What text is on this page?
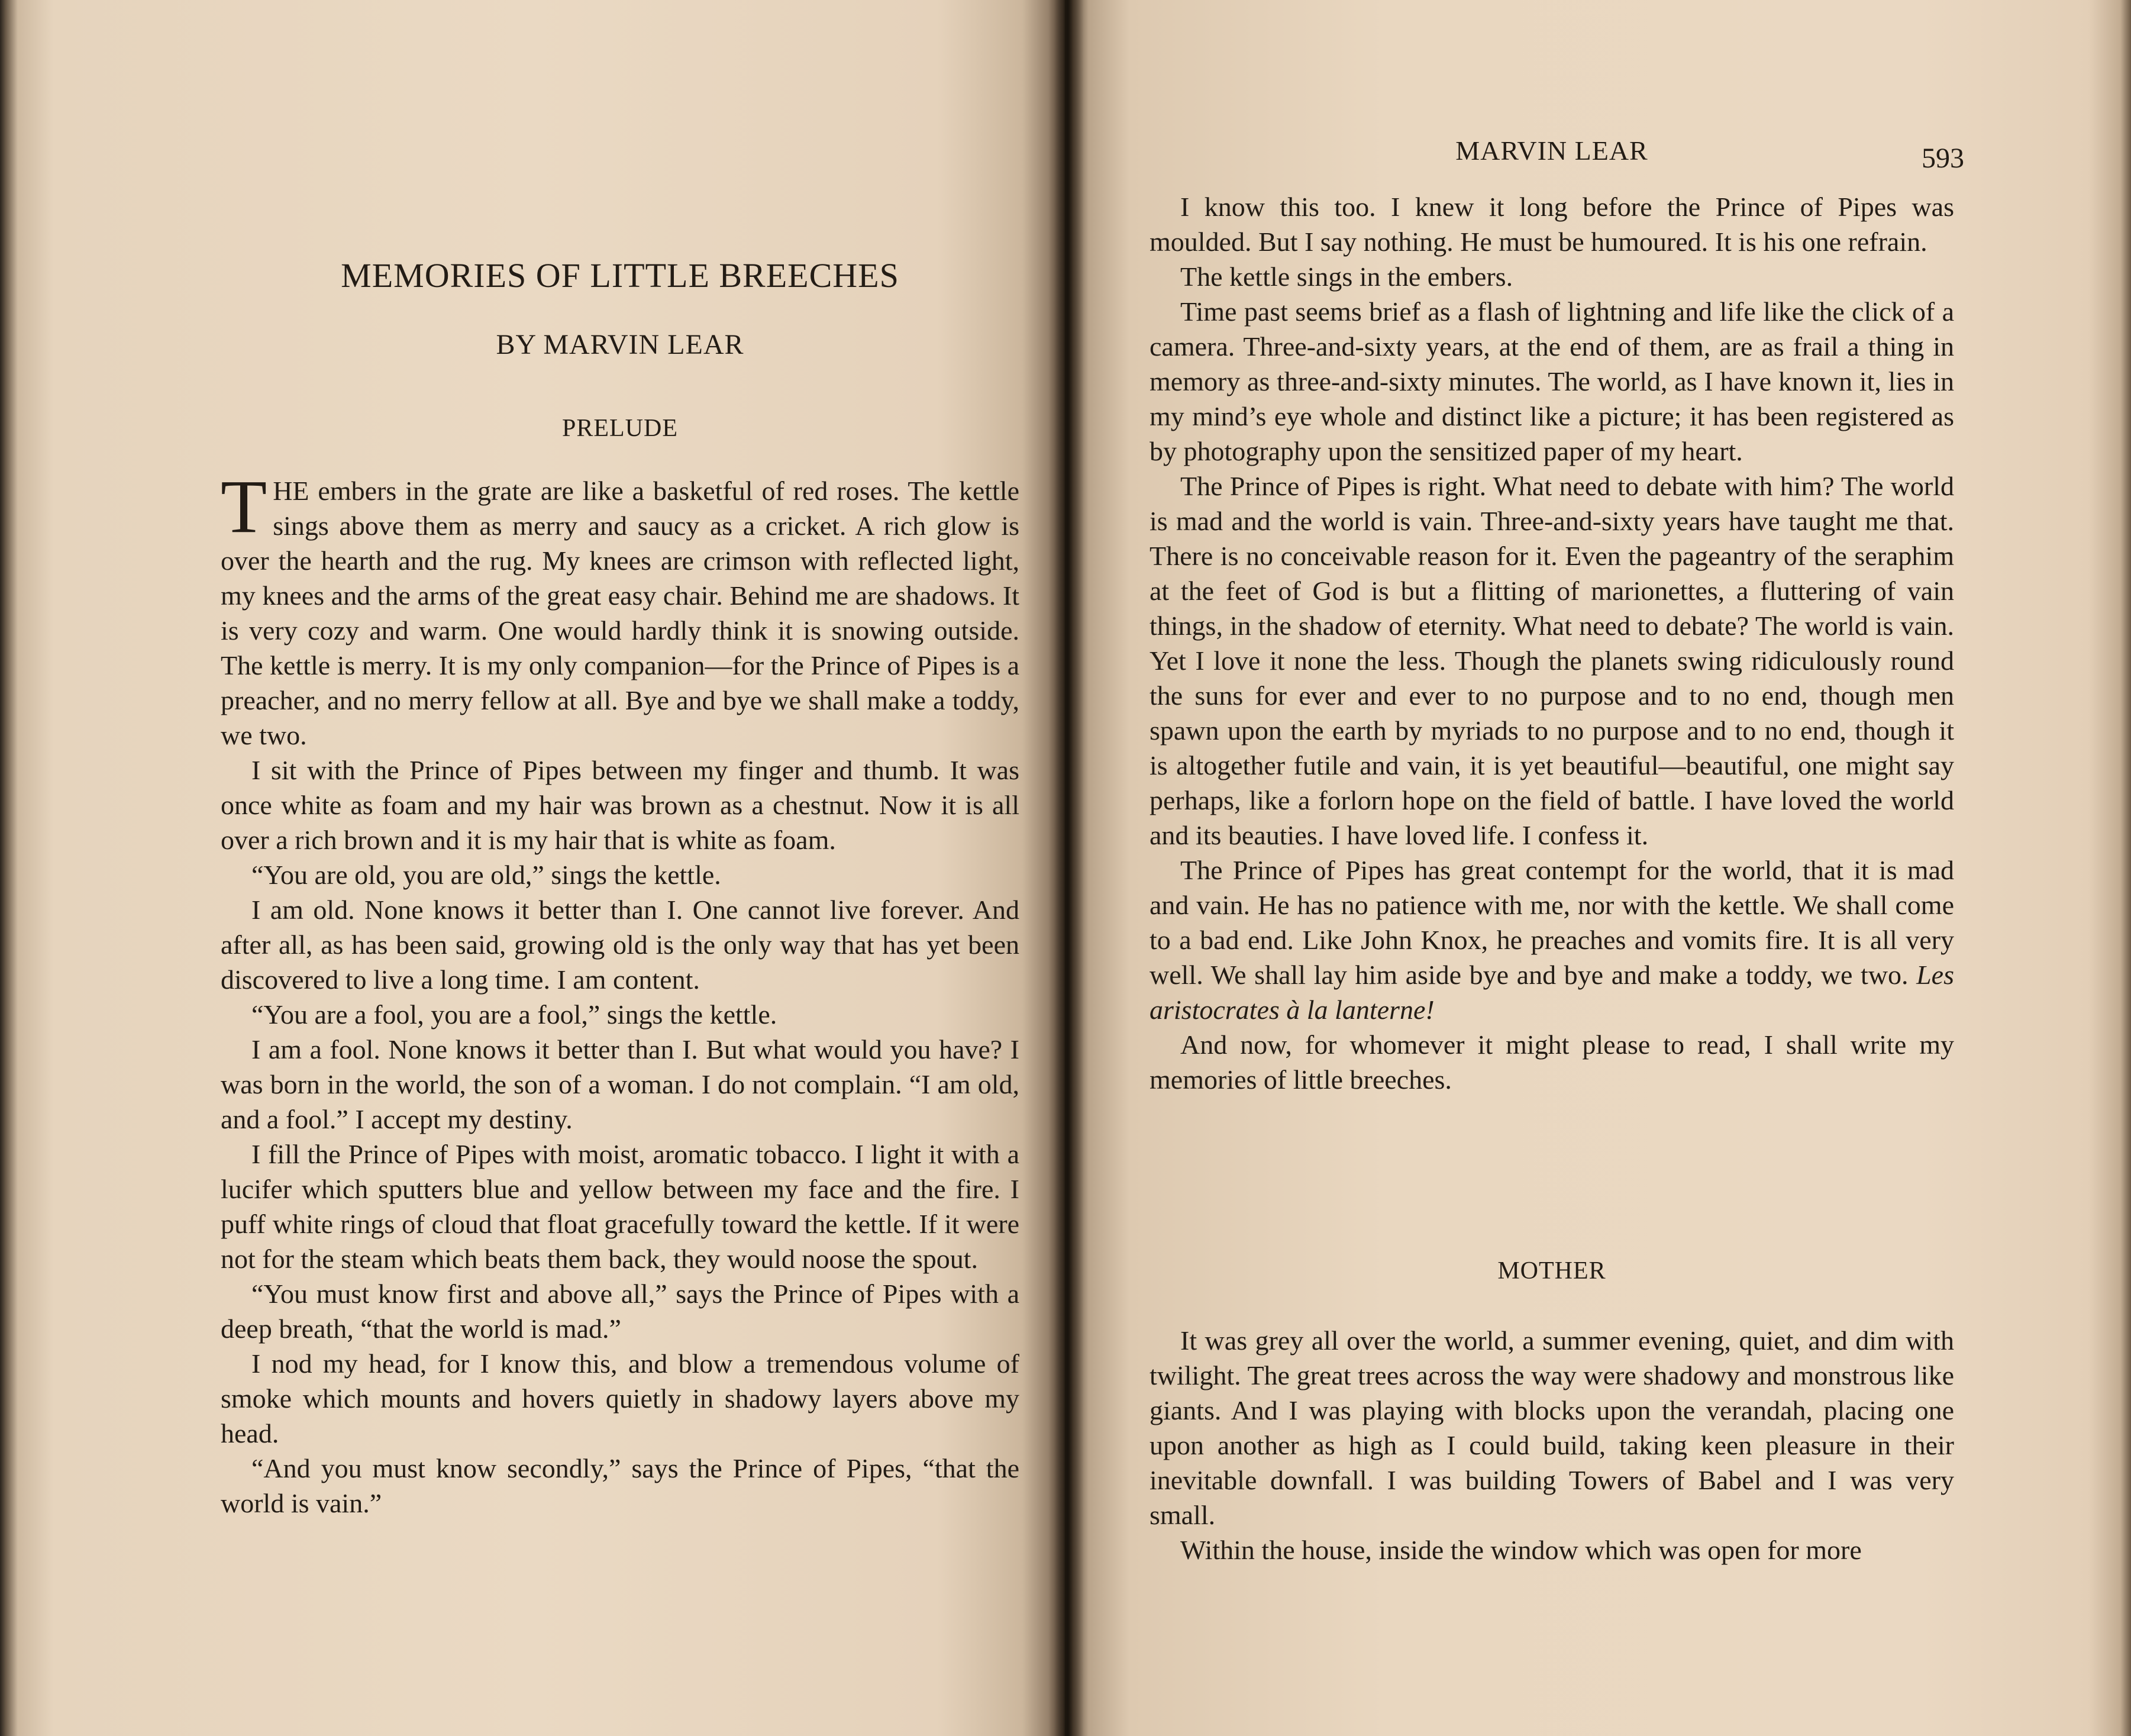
MEMORIES OF LITTLE BREECHES
BY MARVIN LEAR
PRELUDE

THE embers in the grate are like a basketful of red roses. The kettle sings above them as merry and saucy as a cricket. A rich glow is over the hearth and the rug. My knees are crimson with reflected light, my knees and the arms of the great easy chair. Behind me are shadows. It is very cozy and warm. One would hardly think it is snowing outside. The kettle is merry. It is my only companion—for the Prince of Pipes is a preacher, and no merry fellow at all. Bye and bye we shall make a toddy, we two.

I sit with the Prince of Pipes between my finger and thumb. It was once white as foam and my hair was brown as a chestnut. Now it is all over a rich brown and it is my hair that is white as foam.

“You are old, you are old,” sings the kettle.

I am old. None knows it better than I. One cannot live forever. And after all, as has been said, growing old is the only way that has yet been discovered to live a long time. I am content.

“You are a fool, you are a fool,” sings the kettle.

I am a fool. None knows it better than I. But what would you have? I was born in the world, the son of a woman. I do not complain. “I am old, and a fool.” I accept my destiny.

I fill the Prince of Pipes with moist, aromatic tobacco. I light it with a lucifer which sputters blue and yellow between my face and the fire. I puff white rings of cloud that float gracefully toward the kettle. If it were not for the steam which beats them back, they would noose the spout.

“You must know first and above all,” says the Prince of Pipes with a deep breath, “that the world is mad.”

I nod my head, for I know this, and blow a tremendous volume of smoke which mounts and hovers quietly in shadowy layers above my head.

“And you must know secondly,” says the Prince of Pipes, “that the world is vain.”

MARVIN LEAR	593

I know this too. I knew it long before the Prince of Pipes was moulded. But I say nothing. He must be humoured. It is his one refrain.

The kettle sings in the embers.

Time past seems brief as a flash of lightning and life like the click of a camera. Three-and-sixty years, at the end of them, are as frail a thing in memory as three-and-sixty minutes. The world, as I have known it, lies in my mind’s eye whole and distinct like a picture; it has been registered as by photography upon the sensitized paper of my heart.

The Prince of Pipes is right. What need to debate with him? The world is mad and the world is vain. Three-and-sixty years have taught me that. There is no conceivable reason for it. Even the pageantry of the seraphim at the feet of God is but a flitting of marionettes, a fluttering of vain things, in the shadow of eternity. What need to debate? The world is vain. Yet I love it none the less. Though the planets swing ridiculously round the suns for ever and ever to no purpose and to no end, though men spawn upon the earth by myriads to no purpose and to no end, though it is altogether futile and vain, it is yet beautiful—beautiful, one might say perhaps, like a forlorn hope on the field of battle. I have loved the world and its beauties. I have loved life. I confess it.

The Prince of Pipes has great contempt for the world, that it is mad and vain. He has no patience with me, nor with the kettle. We shall come to a bad end. Like John Knox, he preaches and vomits fire. It is all very well. We shall lay him aside bye and bye and make a toddy, we two. Les aristocrates à la lanterne!

And now, for whomever it might please to read, I shall write my memories of little breeches.

MOTHER

It was grey all over the world, a summer evening, quiet, and dim with twilight. The great trees across the way were shadowy and monstrous like giants. And I was playing with blocks upon the verandah, placing one upon another as high as I could build, taking keen pleasure in their inevitable downfall. I was building Towers of Babel and I was very small.

Within the house, inside the window which was open for more
